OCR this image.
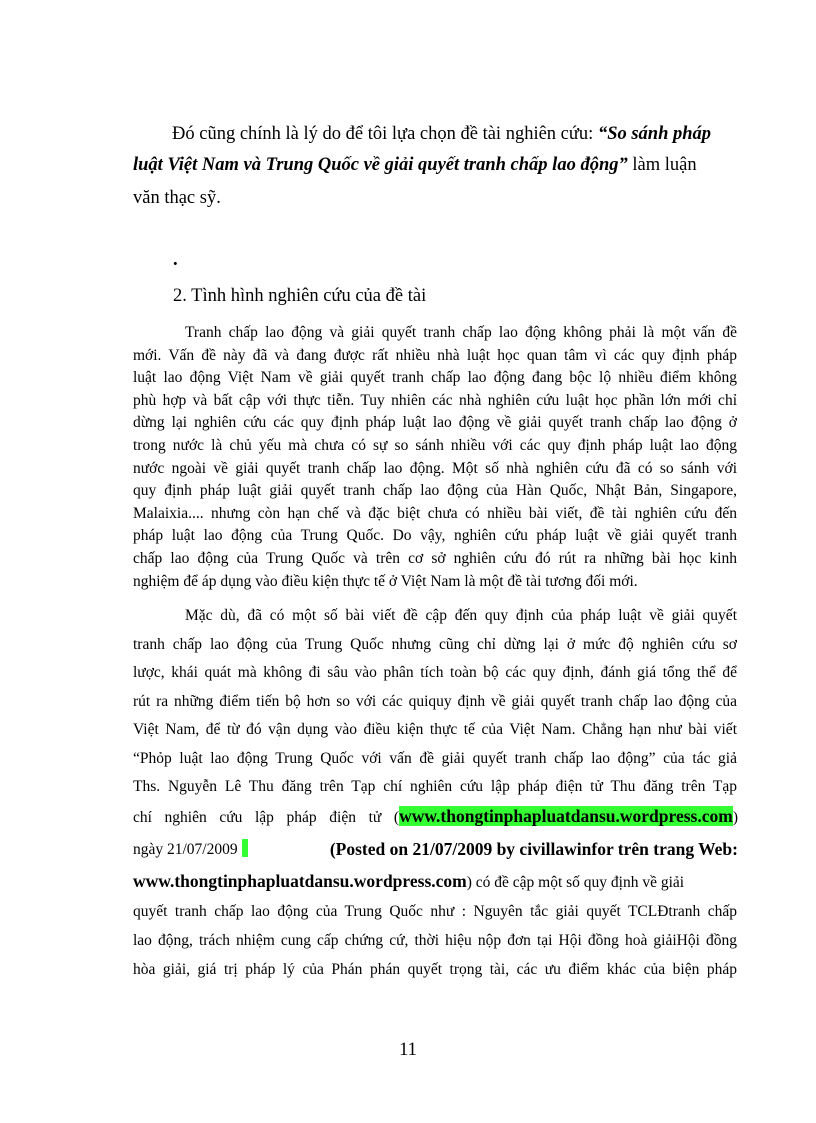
Đó cũng chính là lý do để tôi lựa chọn đề tài nghiên cứu: “So sánh pháp
luật Việt Nam và Trung Quốc về giải quyết tranh chấp lao động” làm luận
văn thạc sỹ.
.
2. Tình hình nghiên cứu của đề tài
Tranh chấp lao động và giải quyết tranh chấp lao động không phải là một vấn đề
mới. Vấn đề này đã và đang được rất nhiều nhà luật học quan tâm vì các quy định pháp
luật lao động Việt Nam về giải quyết tranh chấp lao động đang bộc lộ nhiều điểm không
phù hợp và bất cập với thực tiễn. Tuy nhiên các nhà nghiên cứu luật học phần lớn mới chỉ
dừng lại nghiên cứu các quy định pháp luật lao động về giải quyết tranh chấp lao động ở
trong nước là chủ yếu mà chưa có sự so sánh nhiều với các quy định pháp luật lao động
nước ngoài về giải quyết tranh chấp lao động. Một số nhà nghiên cứu đã có so sánh với
quy định pháp luật giải quyết tranh chấp lao động của Hàn Quốc, Nhật Bản, Singapore,
Malaixia.... nhưng còn hạn chế và đặc biệt chưa có nhiều bài viết, đề tài nghiên cứu đến
pháp luật lao động của Trung Quốc. Do vậy, nghiên cứu pháp luật về giải quyết tranh
chấp lao động của Trung Quốc và trên cơ sở nghiên cứu đó rút ra những bài học kinh
nghiệm để áp dụng vào điều kiện thực tế ở Việt Nam là một đề tài tương đối mới.
Mặc dù, đã có một số bài viết đề cập đến quy định của pháp luật về giải quyết
tranh chấp lao động của Trung Quốc nhưng cũng chỉ dừng lại ở mức độ nghiên cứu sơ
lược, khái quát mà không đi sâu vào phân tích toàn bộ các quy định, đánh giá tổng thể để
rút ra những điểm tiến bộ hơn so với các quiquy định về giải quyết tranh chấp lao động của
Việt Nam, để từ đó vận dụng vào điều kiện thực tế của Việt Nam. Chẳng hạn như bài viết
“Phỏp luật lao động Trung Quốc với vấn đề giải quyết tranh chấp lao động” của tác giả
Ths. Nguyễn Lê Thu đăng trên Tạp chí nghiên cứu lập pháp điện tử Thu đăng trên Tạp
chí nghiên cứu lập pháp điện tử (www.thongtinphapluatdansu.wordpress.com)
ngày 21/07/2009	(Posted on 21/07/2009 by civillawinfor trên trang Web:
www.thongtinphapluatdansu.wordpress.com) có đề cập một số quy định về giải
quyết tranh chấp lao động của Trung Quốc như : Nguyên tắc giải quyết TCLĐtranh chấp
lao động, trách nhiệm cung cấp chứng cứ, thời hiệu nộp đơn tại Hội đồng hoà giảiHội đồng
hòa giải, giá trị pháp lý của Phán phán quyết trọng tài, các ưu điểm khác của biện pháp
11
